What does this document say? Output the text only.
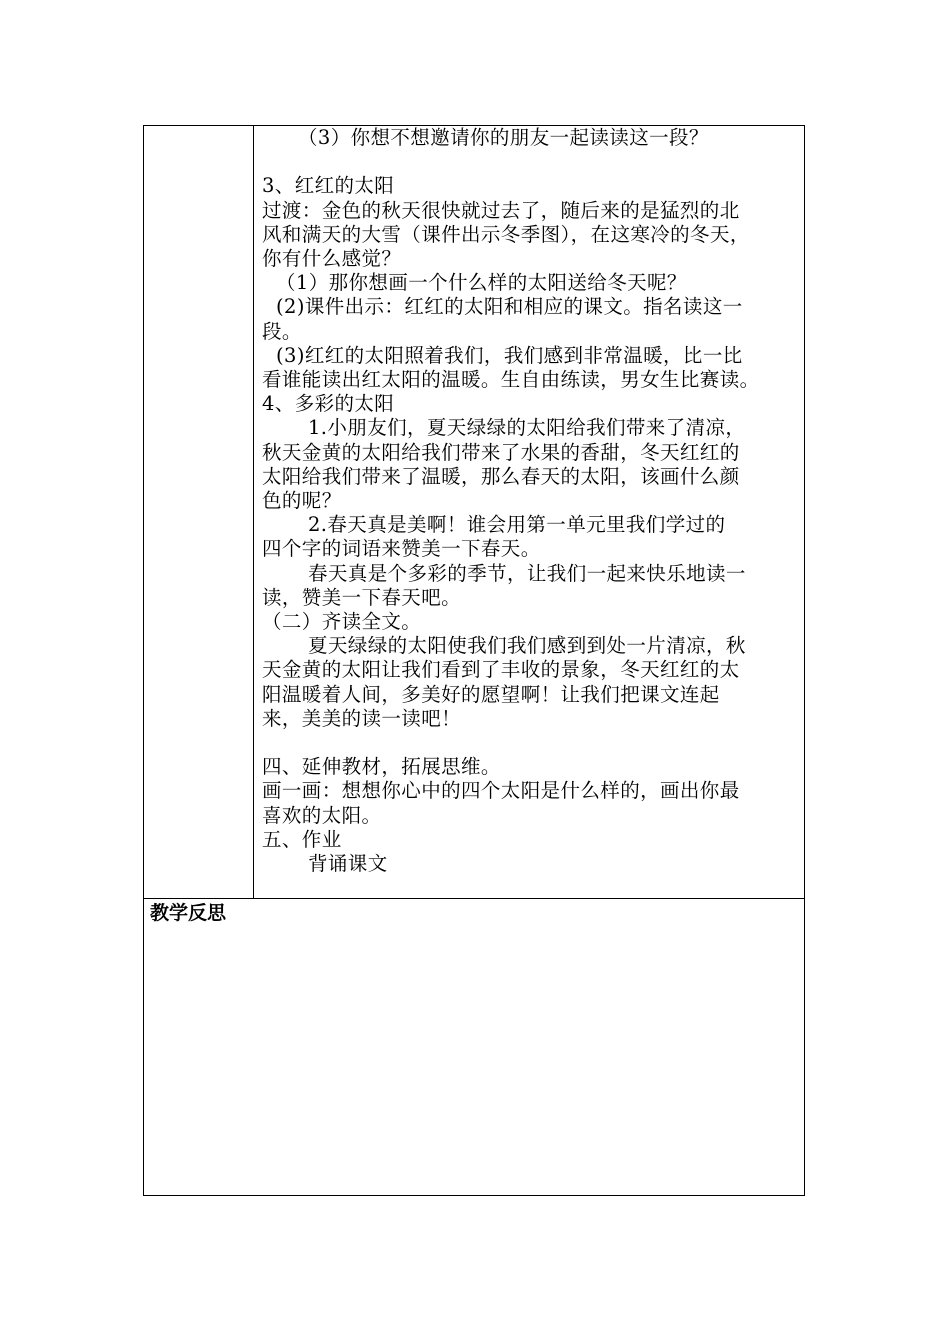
（3）你想不想邀请你的朋友一起读读这一段？
3、红红的太阳
过渡：金色的秋天很快就过去了，随后来的是猛烈的北
风和满天的大雪（课件出示冬季图），在这寒冷的冬天，
你有什么感觉？
（1）那你想画一个什么样的太阳送给冬天呢？
(2)课件出示：红红的太阳和相应的课文。指名读这一
段。
(3)红红的太阳照着我们，我们感到非常温暖，比一比
看谁能读出红太阳的温暖。生自由练读，男女生比赛读。
4、多彩的太阳
1.小朋友们，夏天绿绿的太阳给我们带来了清凉，
秋天金黄的太阳给我们带来了水果的香甜，冬天红红的
太阳给我们带来了温暖，那么春天的太阳，该画什么颜
色的呢？
2.春天真是美啊！谁会用第一单元里我们学过的
四个字的词语来赞美一下春天。
春天真是个多彩的季节，让我们一起来快乐地读一
读，赞美一下春天吧。
（二）齐读全文。
夏天绿绿的太阳使我们我们感到到处一片清凉，秋
天金黄的太阳让我们看到了丰收的景象，冬天红红的太
阳温暖着人间，多美好的愿望啊！让我们把课文连起
来，美美的读一读吧！
四、延伸教材，拓展思维。
画一画：想想你心中的四个太阳是什么样的，画出你最
喜欢的太阳。
五、作业
背诵课文

教学反思
